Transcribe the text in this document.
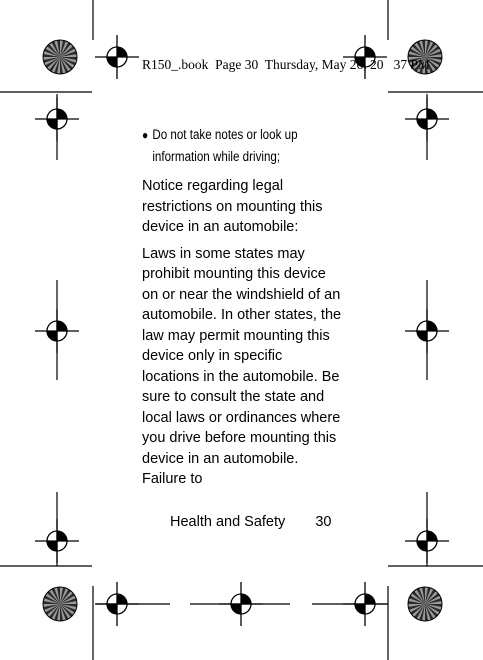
R150_.book  Page 30  Thursday, May 26, 20   37 PM
● Do not take notes or look up information while driving;
Notice regarding legal restrictions on mounting this device in an automobile:
Laws in some states may prohibit mounting this device on or near the windshield of an automobile. In other states, the law may permit mounting this device only in specific locations in the automobile. Be sure to consult the state and local laws or ordinances where you drive before mounting this device in an automobile. Failure to
Health and Safety 30
